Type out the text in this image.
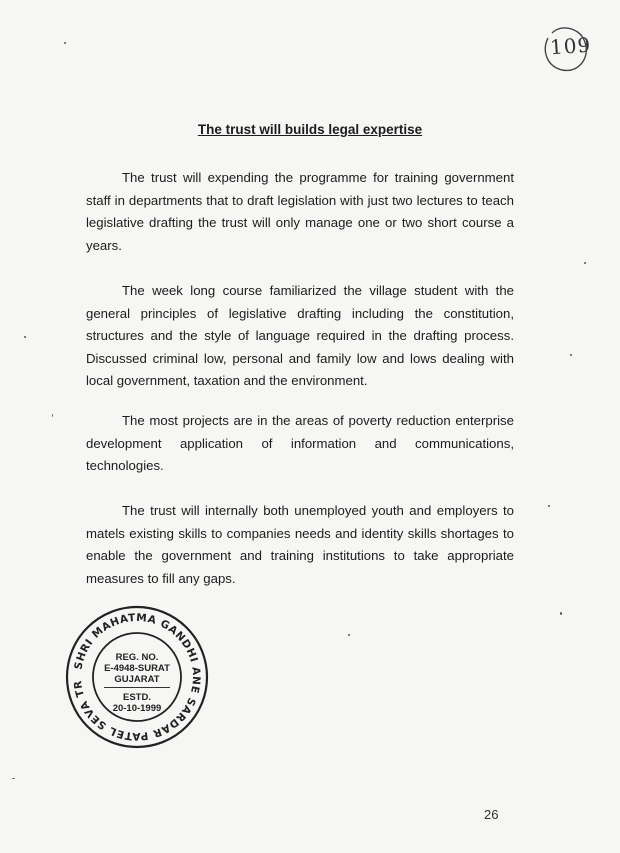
109
The trust will builds legal expertise

The trust will expending the programme for training government staff in departments that to draft legislation with just two lectures to teach legislative drafting the trust will only manage one or two short course a years.

The week long course familiarized the village student with the general principles of legislative drafting including the constitution, structures and the style of language required in the drafting process. Discussed criminal low, personal and family low and lows dealing with local government, taxation and the environment.

The most projects are in the areas of poverty reduction enterprise development application of information and communications, technologies.

The trust will internally both unemployed youth and employers to matels existing skills to companies needs and identity skills shortages to enable the government and training institutions to take appropriate measures to fill any gaps.

SHRI MAHATMA GANDHI ANE SARDAR PATEL SEVA TR
REG. NO.
E-4948-SURAT
GUJARAT
ESTD.
20-10-1999
26
